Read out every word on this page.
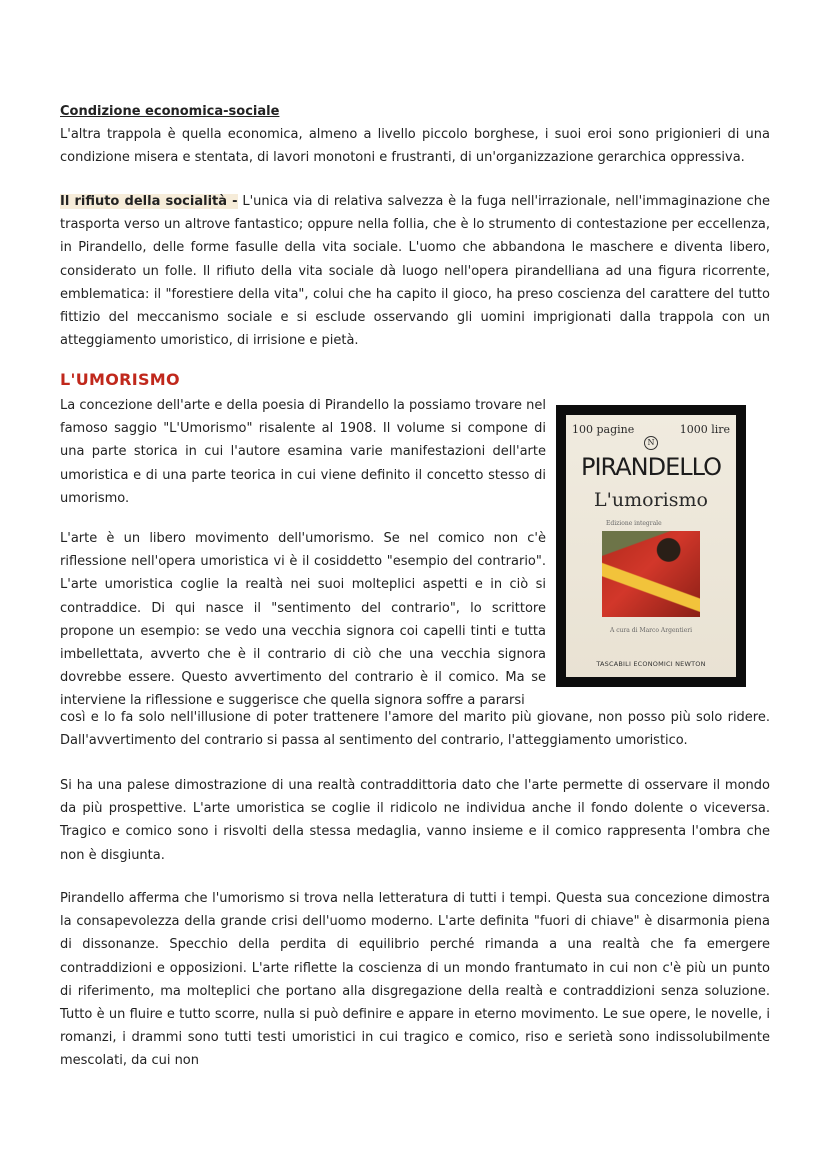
Condizione economica-sociale
L'altra trappola è quella economica, almeno a livello piccolo borghese, i suoi eroi sono prigionieri di una condizione misera e stentata, di lavori monotoni e frustranti, di un'organizzazione gerarchica oppressiva.

Il rifiuto della socialità - L'unica via di relativa salvezza è la fuga nell'irrazionale, nell'immaginazione che trasporta verso un altrove fantastico; oppure nella follia, che è lo strumento di contestazione per eccellenza, in Pirandello, delle forme fasulle della vita sociale. L'uomo che abbandona le maschere e diventa libero, considerato un folle. Il rifiuto della vita sociale dà luogo nell'opera pirandelliana ad una figura ricorrente, emblematica: il "forestiere della vita", colui che ha capito il gioco, ha preso coscienza del carattere del tutto fittizio del meccanismo sociale e si esclude osservando gli uomini imprigionati dalla trappola con un atteggiamento umoristico, di irrisione e pietà.

L'UMORISMO

La concezione dell'arte e della poesia di Pirandello la possiamo trovare nel famoso saggio "L'Umorismo" risalente al 1908. Il volume si compone di una parte storica in cui l'autore esamina varie manifestazioni dell'arte umoristica e di una parte teorica in cui viene definito il concetto stesso di umorismo.

L'arte è un libero movimento dell'umorismo. Se nel comico non c'è riflessione nell'opera umoristica vi è il cosiddetto "esempio del contrario". L'arte umoristica coglie la realtà nei suoi molteplici aspetti e in ciò si contraddice. Di qui nasce il "sentimento del contrario", lo scrittore propone un esempio: se vedo una vecchia signora coi capelli tinti e tutta imbellettata, avverto che è il contrario di ciò che una vecchia signora dovrebbe essere. Questo avvertimento del contrario è il comico. Ma se interviene la riflessione e suggerisce che quella signora soffre a pararsi

così e lo fa solo nell'illusione di poter trattenere l'amore del marito più giovane, non posso più solo ridere. Dall'avvertimento del contrario si passa al sentimento del contrario, l'atteggiamento umoristico.

Si ha una palese dimostrazione di una realtà contraddittoria dato che l'arte permette di osservare il mondo da più prospettive. L'arte umoristica se coglie il ridicolo ne individua anche il fondo dolente o viceversa. Tragico e comico sono i risvolti della stessa medaglia, vanno insieme e il comico rappresenta l'ombra che non è disgiunta.

Pirandello afferma che l'umorismo si trova nella letteratura di tutti i tempi. Questa sua concezione dimostra la consapevolezza della grande crisi dell'uomo moderno. L'arte definita "fuori di chiave" è disarmonia piena di dissonanze. Specchio della perdita di equilibrio perché rimanda a una realtà che fa emergere contraddizioni e opposizioni. L'arte riflette la coscienza di un mondo frantumato in cui non c'è più un punto di riferimento, ma molteplici che portano alla disgregazione della realtà e contraddizioni senza soluzione. Tutto è un fluire e tutto scorre, nulla si può definire e appare in eterno movimento. Le sue opere, le novelle, i romanzi, i drammi sono tutti testi umoristici in cui tragico e comico, riso e serietà sono indissolubilmente mescolati, da cui non

100 pagine	1000 lire
N
PIRANDELLO
L'umorismo
Edizione integrale
A cura di Marco Argentieri
TASCABILI ECONOMICI NEWTON
